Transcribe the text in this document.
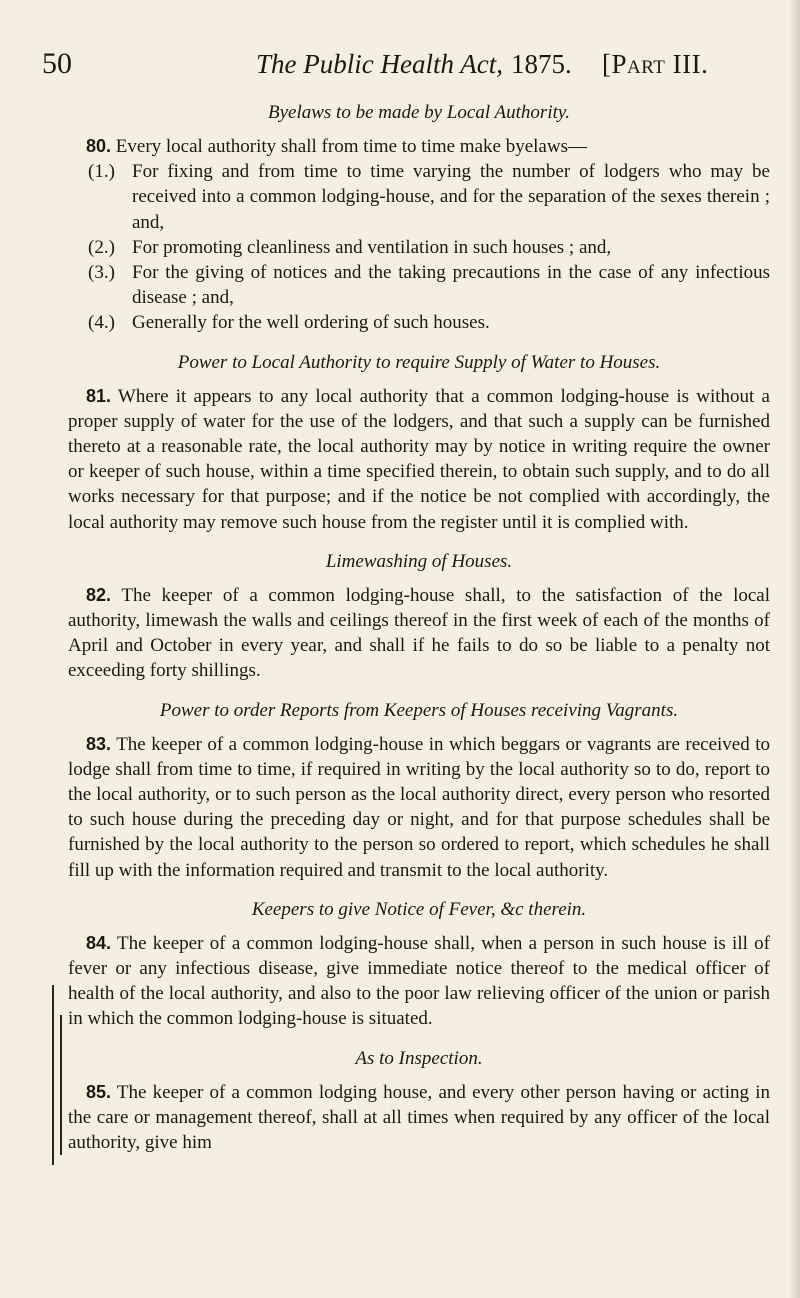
50	The Public Health Act, 1875. [Part III.
Byelaws to be made by Local Authority.

80. Every local authority shall from time to time make byelaws—

(1.) For fixing and from time to time varying the number of lodgers who may be received into a common lodging-house, and for the separation of the sexes therein ; and,

(2.) For promoting cleanliness and ventilation in such houses ; and,

(3.) For the giving of notices and the taking precautions in the case of any infectious disease ; and,

(4.) Generally for the well ordering of such houses.

Power to Local Authority to require Supply of Water to Houses.

81. Where it appears to any local authority that a common lodging-house is without a proper supply of water for the use of the lodgers, and that such a supply can be furnished thereto at a reasonable rate, the local authority may by notice in writing require the owner or keeper of such house, within a time specified therein, to obtain such supply, and to do all works necessary for that purpose; and if the notice be not complied with accordingly, the local authority may remove such house from the register until it is complied with.

Limewashing of Houses.

82. The keeper of a common lodging-house shall, to the satisfaction of the local authority, limewash the walls and ceilings thereof in the first week of each of the months of April and October in every year, and shall if he fails to do so be liable to a penalty not exceeding forty shillings.

Power to order Reports from Keepers of Houses receiving Vagrants.

83. The keeper of a common lodging-house in which beggars or vagrants are received to lodge shall from time to time, if required in writing by the local authority so to do, report to the local authority, or to such person as the local authority direct, every person who resorted to such house during the preceding day or night, and for that purpose schedules shall be furnished by the local authority to the person so ordered to report, which schedules he shall fill up with the information required and transmit to the local authority.

Keepers to give Notice of Fever, &c therein.

84. The keeper of a common lodging-house shall, when a person in such house is ill of fever or any infectious disease, give immediate notice thereof to the medical officer of health of the local authority, and also to the poor law relieving officer of the union or parish in which the common lodging-house is situated.

As to Inspection.

85. The keeper of a common lodging house, and every other person having or acting in the care or management thereof, shall at all times when required by any officer of the local authority, give him
